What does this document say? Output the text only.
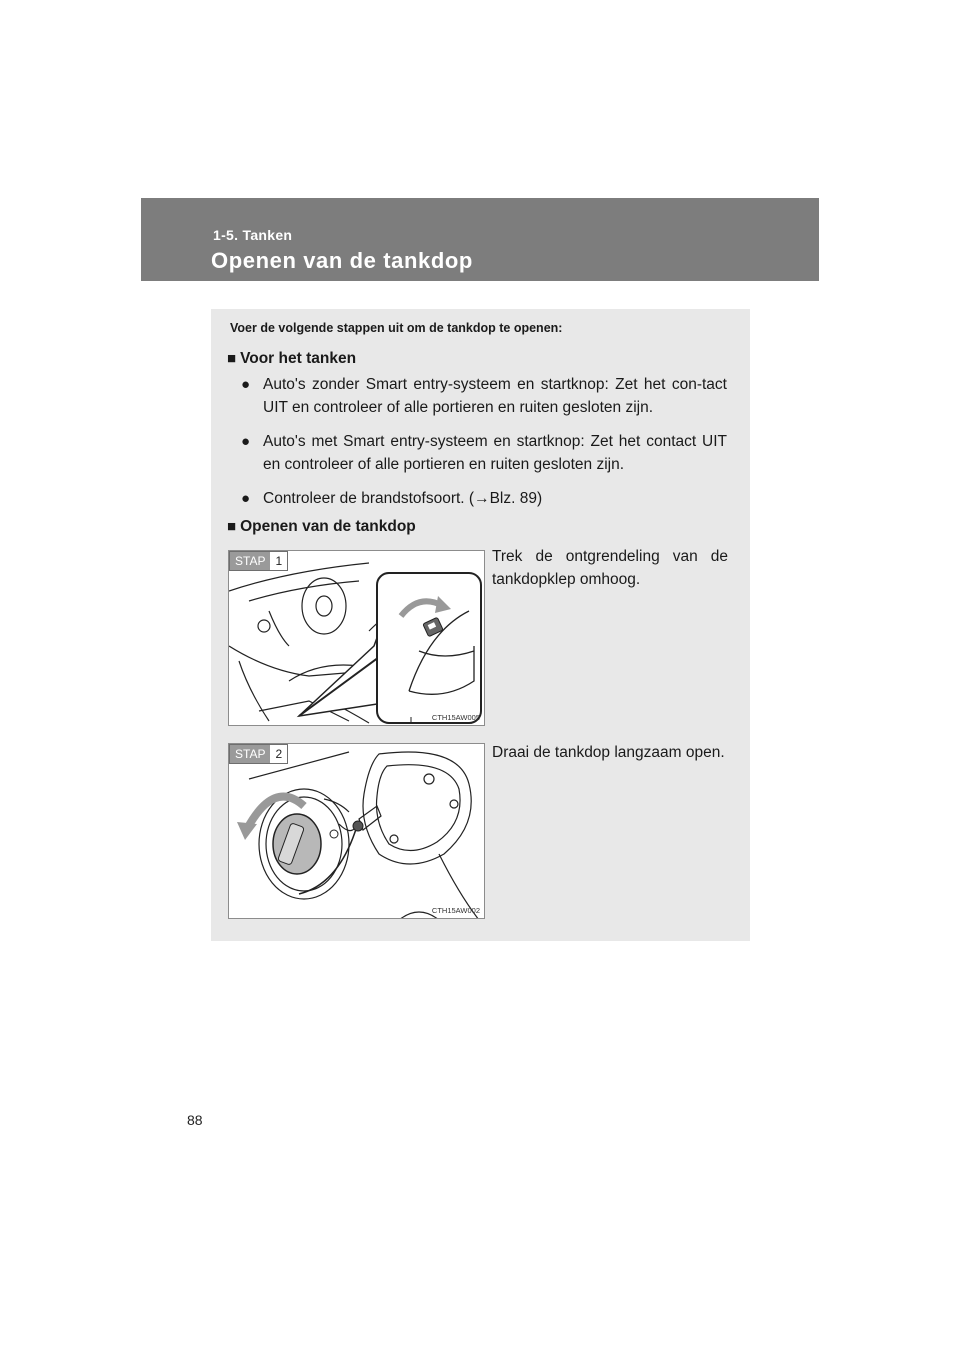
1-5. Tanken
Openen van de tankdop

Voer de volgende stappen uit om de tankdop te openen:

■ Voor het tanken
● Auto's zonder Smart entry-systeem en startknop: Zet het con-tact UIT en controleer of alle portieren en ruiten gesloten zijn.
● Auto's met Smart entry-systeem en startknop: Zet het contact UIT en controleer of alle portieren en ruiten gesloten zijn.
● Controleer de brandstofsoort. (→Blz. 89)
■ Openen van de tankdop
STAP 1
CTH15AW005

Trek de ontgrendeling van de tankdopklep omhoog.

STAP 2
CTH15AW002

Draai de tankdop langzaam open.

88
